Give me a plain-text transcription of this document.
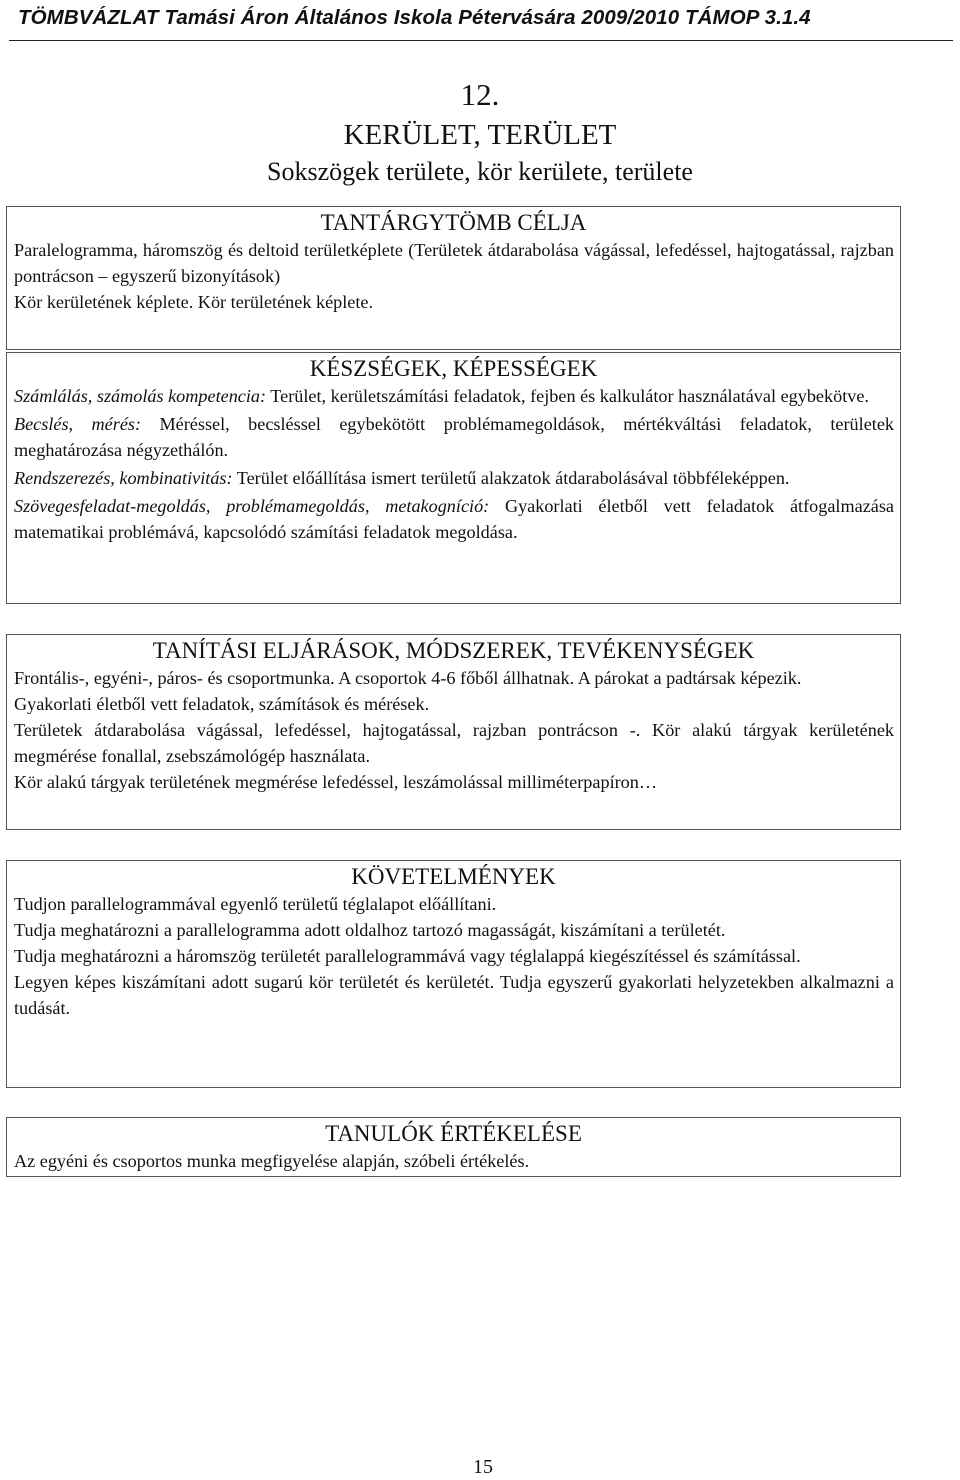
TÖMBVÁZLAT Tamási Áron Általános Iskola Pétervására 2009/2010 TÁMOP 3.1.4
12.
KERÜLET, TERÜLET
Sokszögek területe, kör kerülete, területe
TANTÁRGYTÖMB CÉLJA

Paralelogramma, háromszög és deltoid területképlete (Területek átdarabolása vágással, lefedéssel, hajtogatással, rajzban pontrácson – egyszerű bizonyítások)

Kör kerületének képlete. Kör területének képlete.

KÉSZSÉGEK, KÉPESSÉGEK

Számlálás, számolás kompetencia: Terület, kerületszámítási feladatok, fejben és kalkulátor használatával egybekötve.

Becslés, mérés: Méréssel, becsléssel egybekötött problémamegoldások, mértékváltási feladatok, területek meghatározása négyzethálón.

Rendszerezés, kombinativitás: Terület előállítása ismert területű alakzatok átdarabolásával többféleképpen.

Szövegesfeladat-megoldás, problémamegoldás, metakogníció: Gyakorlati életből vett feladatok átfogalmazása matematikai problémává, kapcsolódó számítási feladatok megoldása.

TANÍTÁSI ELJÁRÁSOK, MÓDSZEREK, TEVÉKENYSÉGEK

Frontális-, egyéni-, páros- és csoportmunka. A csoportok 4-6 főből állhatnak. A párokat a padtársak képezik.

Gyakorlati életből vett feladatok, számítások és mérések.

Területek átdarabolása vágással, lefedéssel, hajtogatással, rajzban pontrácson -. Kör alakú tárgyak kerületének megmérése fonallal, zsebszámológép használata.

Kör alakú tárgyak területének megmérése lefedéssel, leszámolással milliméterpapíron…

KÖVETELMÉNYEK

Tudjon parallelogrammával egyenlő területű téglalapot előállítani.

Tudja meghatározni a parallelogramma adott oldalhoz tartozó magasságát, kiszámítani a területét.

Tudja meghatározni a háromszög területét parallelogrammává vagy téglalappá kiegészítéssel és számítással.

Legyen képes kiszámítani adott sugarú kör területét és kerületét. Tudja egyszerű gyakorlati helyzetekben alkalmazni a tudását.

TANULÓK ÉRTÉKELÉSE

Az egyéni és csoportos munka megfigyelése alapján, szóbeli értékelés.

15
